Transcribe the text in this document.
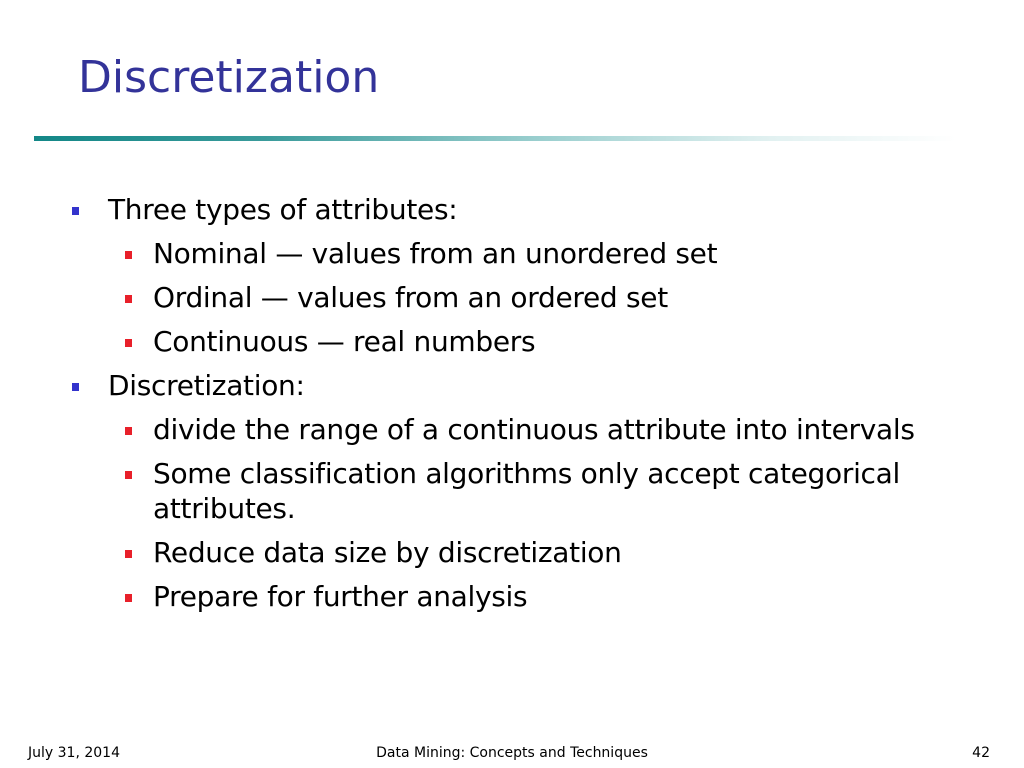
Discretization
Three types of attributes:
Nominal — values from an unordered set
Ordinal — values from an ordered set
Continuous — real numbers
Discretization:
divide the range of a continuous attribute into intervals
Some classification algorithms only accept categorical attributes.
Reduce data size by discretization
Prepare for further analysis
July 31, 2014	Data Mining: Concepts and Techniques	42
